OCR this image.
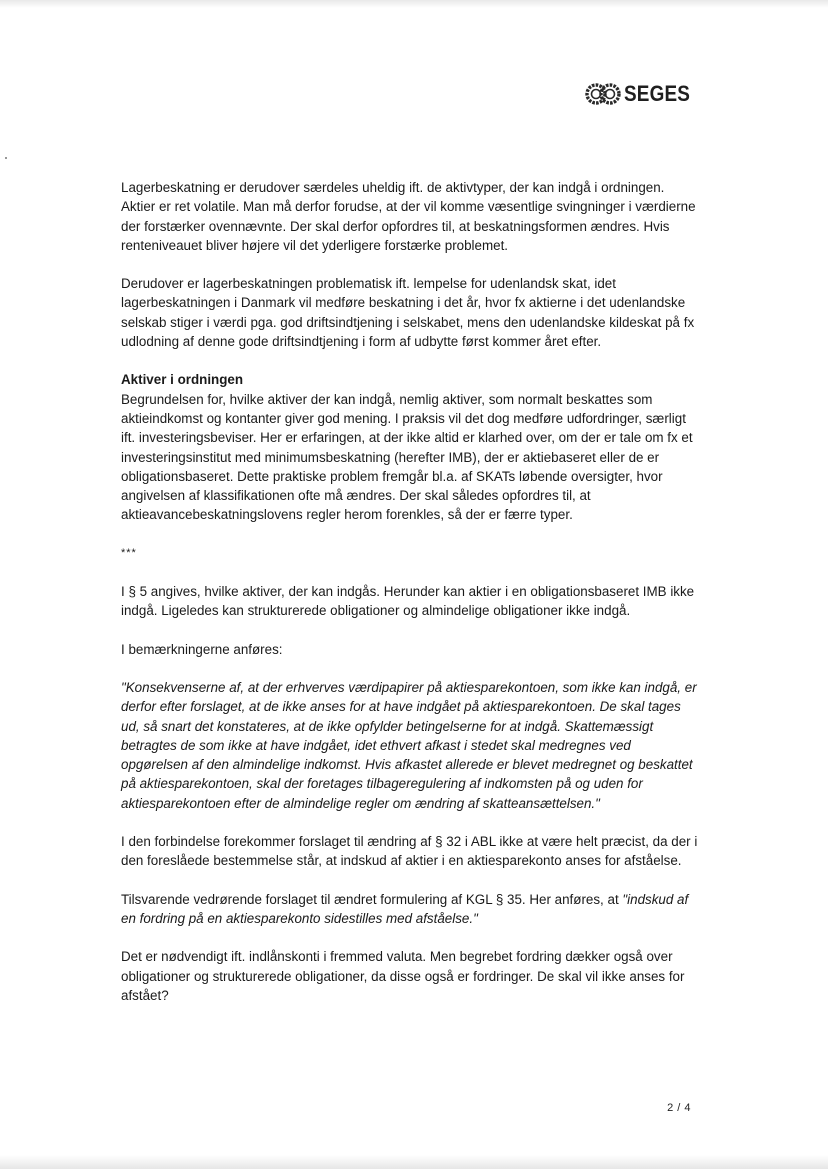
SEGES

Lagerbeskatning er derudover særdeles uheldig ift. de aktivtyper, der kan indgå i ordningen. Aktier er ret volatile. Man må derfor forudse, at der vil komme væsentlige svingninger i værdierne der forstærker ovennævnte. Der skal derfor opfordres til, at beskatningsformen ændres. Hvis renteniveauet bliver højere vil det yderligere forstærke problemet.

Derudover er lagerbeskatningen problematisk ift. lempelse for udenlandsk skat, idet lagerbeskatningen i Danmark vil medføre beskatning i det år, hvor fx aktierne i det udenlandske selskab stiger i værdi pga. god driftsindtjening i selskabet, mens den udenlandske kildeskat på fx udlodning af denne gode driftsindtjening i form af udbytte først kommer året efter.

Aktiver i ordningen

Begrundelsen for, hvilke aktiver der kan indgå, nemlig aktiver, som normalt beskattes som aktieindkomst og kontanter giver god mening. I praksis vil det dog medføre udfordringer, særligt ift. investeringsbeviser. Her er erfaringen, at der ikke altid er klarhed over, om der er tale om fx et investeringsinstitut med minimumsbeskatning (herefter IMB), der er aktiebaseret eller de er obligationsbaseret. Dette praktiske problem fremgår bl.a. af SKATs løbende oversigter, hvor angivelsen af klassifikationen ofte må ændres. Der skal således opfordres til, at aktieavancebeskatningslovens regler herom forenkles, så der er færre typer.

***

I § 5 angives, hvilke aktiver, der kan indgås. Herunder kan aktier i en obligationsbaseret IMB ikke indgå. Ligeledes kan strukturerede obligationer og almindelige obligationer ikke indgå.

I bemærkningerne anføres:

"Konsekvenserne af, at der erhverves værdipapirer på aktiesparekontoen, som ikke kan indgå, er derfor efter forslaget, at de ikke anses for at have indgået på aktiesparekontoen. De skal tages ud, så snart det konstateres, at de ikke opfylder betingelserne for at indgå. Skattemæssigt betragtes de som ikke at have indgået, idet ethvert afkast i stedet skal medregnes ved opgørelsen af den almindelige indkomst. Hvis afkastet allerede er blevet medregnet og beskattet på aktiesparekontoen, skal der foretages tilbageregulering af indkomsten på og uden for aktiesparekontoen efter de almindelige regler om ændring af skatteansættelsen."

I den forbindelse forekommer forslaget til ændring af § 32 i ABL ikke at være helt præcist, da der i den foreslåede bestemmelse står, at indskud af aktier i en aktiesparekonto anses for afståelse.

Tilsvarende vedrørende forslaget til ændret formulering af KGL § 35. Her anføres, at "indskud af en fordring på en aktiesparekonto sidestilles med afståelse."

Det er nødvendigt ift. indlånskonti i fremmed valuta. Men begrebet fordring dækker også over obligationer og strukturerede obligationer, da disse også er fordringer. De skal vil ikke anses for afstået?

2 / 4
